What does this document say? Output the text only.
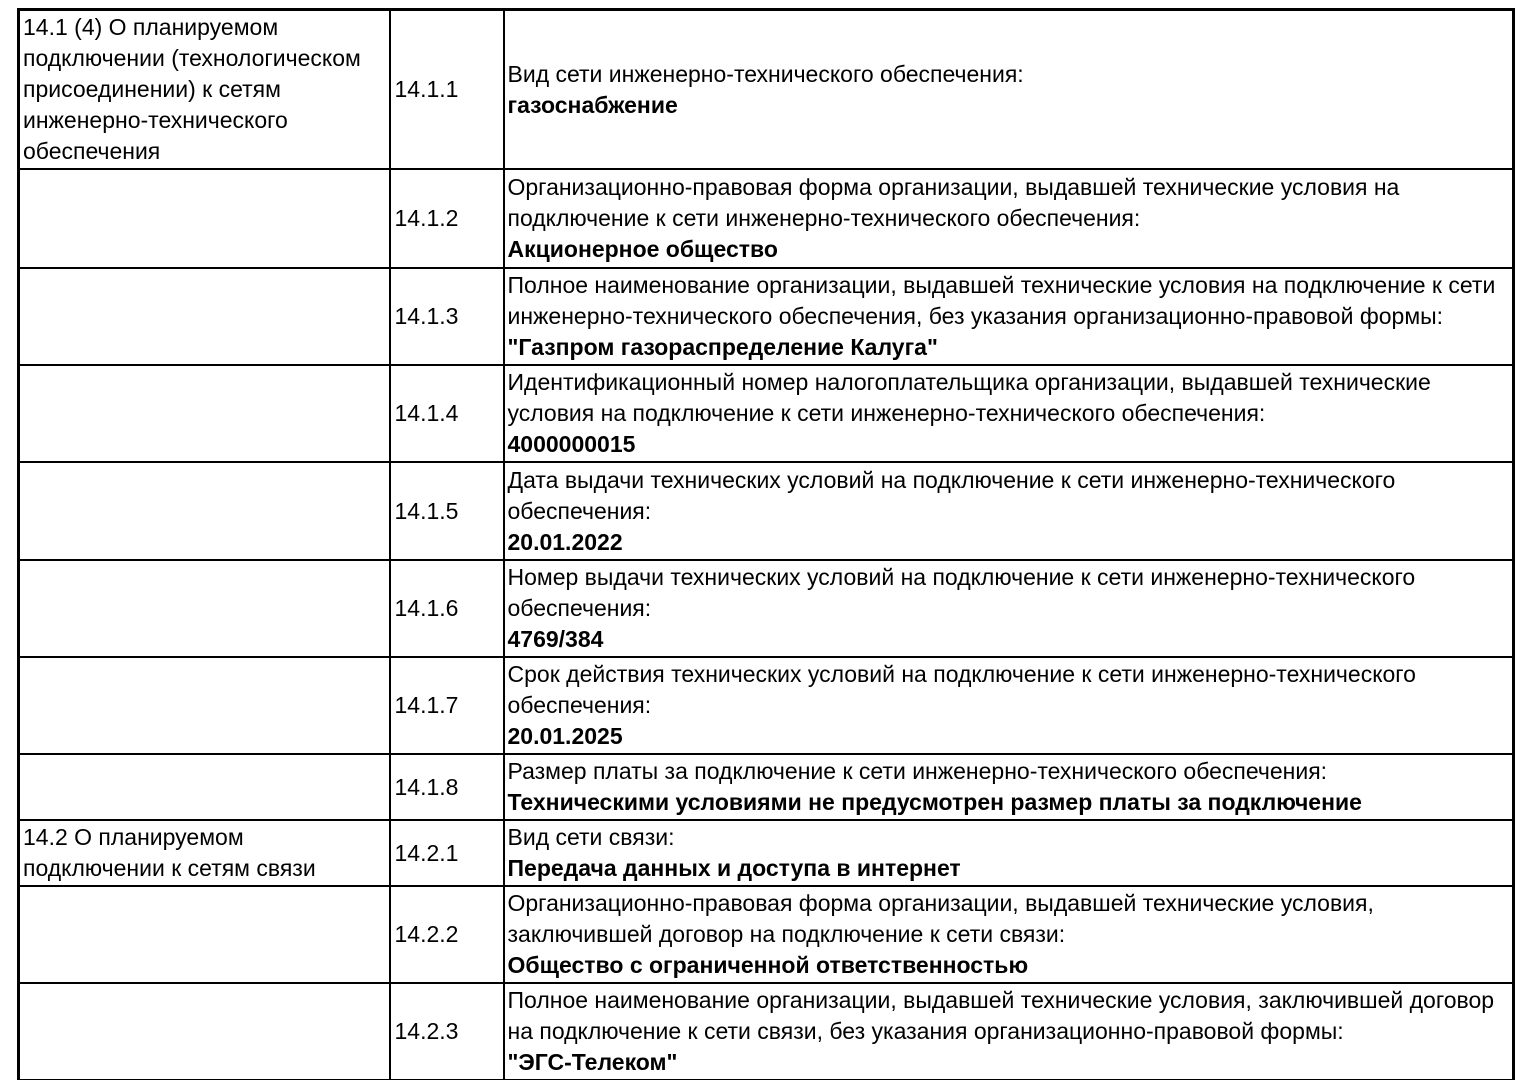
14.1 (4) О планируемом подключении (технологическом присоединении) к сетям инженерно-технического обеспечения	14.1.1	Вид сети инженерно-технического обеспечения:
газоснабжение

	14.1.2	Организационно-правовая форма организации, выдавшей технические условия на подключение к сети инженерно-технического обеспечения:
Акционерное общество

	14.1.3	Полное наименование организации, выдавшей технические условия на подключение к сети инженерно-технического обеспечения, без указания организационно-правовой формы:
"Газпром газораспределение Калуга"

	14.1.4	Идентификационный номер налогоплательщика организации, выдавшей технические условия на подключение к сети инженерно-технического обеспечения:
4000000015

	14.1.5	Дата выдачи технических условий на подключение к сети инженерно-технического обеспечения:
20.01.2022

	14.1.6	Номер выдачи технических условий на подключение к сети инженерно-технического обеспечения:
4769/384

	14.1.7	Срок действия технических условий на подключение к сети инженерно-технического обеспечения:
20.01.2025

	14.1.8	Размер платы за подключение к сети инженерно-технического обеспечения:
Техническими условиями не предусмотрен размер платы за подключение

14.2 О планируемом подключении к сетям связи	14.2.1	Вид сети связи:
Передача данных и доступа в интернет

	14.2.2	Организационно-правовая форма организации, выдавшей технические условия, заключившей договор на подключение к сети связи:
Общество с ограниченной ответственностью

	14.2.3	Полное наименование организации, выдавшей технические условия, заключившей договор на подключение к сети связи, без указания организационно-правовой формы:
"ЭГС-Телеком"
